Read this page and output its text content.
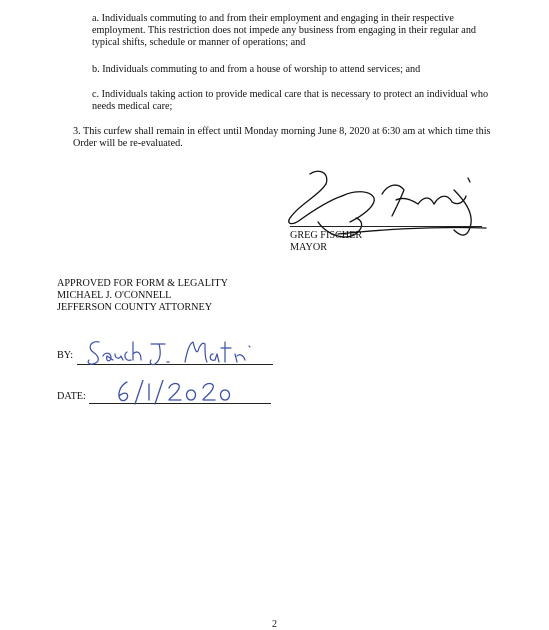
a. Individuals commuting to and from their employment and engaging in their respective employment. This restriction does not impede any business from engaging in their regular and typical shifts, schedule or manner of operations; and

b. Individuals commuting to and from a house of worship to attend services; and

c. Individuals taking action to provide medical care that is necessary to protect an individual who needs medical care;

3. This curfew shall remain in effect until Monday morning June 8, 2020 at 6:30 am at which time this Order will be re-evaluated.

GREG FISCHER
MAYOR
APPROVED FOR FORM & LEGALITY
MICHAEL J. O'CONNELL
JEFFERSON COUNTY ATTORNEY
BY:
DATE:
2
